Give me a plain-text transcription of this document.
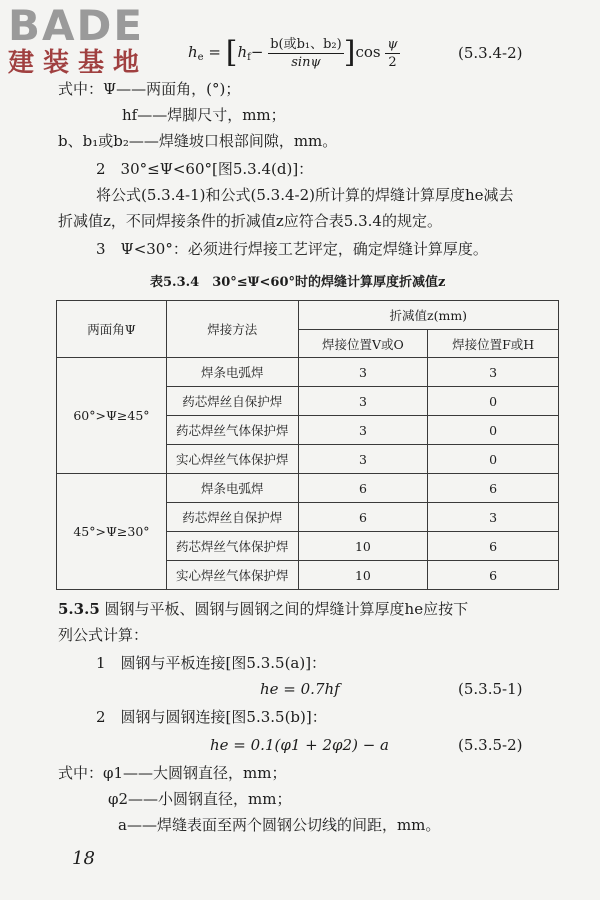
BADE
建装基地	$h_e = [h_f- \frac{\text{b(或b₁、b₂)}}{\sin\psi} ]\cos \frac{\psi}{2}$	(5.3.4-2)
式中：Ψ——两面角，(°)；
hf——焊脚尺寸，mm；
b、b₁或b₂——焊缝坡口根部间隙，mm。
2　30°≤Ψ<60°[图5.3.4(d)]：
将公式(5.3.4-1)和公式(5.3.4-2)所计算的焊缝计算厚度he减去
折减值z，不同焊接条件的折减值z应符合表5.3.4的规定。
3　Ψ<30°：必须进行焊接工艺评定，确定焊缝计算厚度。
表5.3.4　30°≤Ψ<60°时的焊缝计算厚度折减值z
两面角Ψ	焊接方法	折减值z(mm)	
		焊接位置V或O	焊接位置F或H
60°>Ψ≥45°	焊条电弧焊	3	3
	药芯焊丝自保护焊	3	0
	药芯焊丝气体保护焊	3	0
	实心焊丝气体保护焊	3	0
45°>Ψ≥30°	焊条电弧焊	6	6
	药芯焊丝自保护焊	6	3
	药芯焊丝气体保护焊	10	6
	实心焊丝气体保护焊	10	6
5.3.5 圆钢与平板、圆钢与圆钢之间的焊缝计算厚度he应按下
列公式计算：
1　圆钢与平板连接[图5.3.5(a)]：
he = 0.7hf	(5.3.5-1)
2　圆钢与圆钢连接[图5.3.5(b)]：
he = 0.1(φ1 + 2φ2) − a	(5.3.5-2)
式中：φ1——大圆钢直径，mm；
φ2——小圆钢直径，mm；
a——焊缝表面至两个圆钢公切线的间距，mm。
18
